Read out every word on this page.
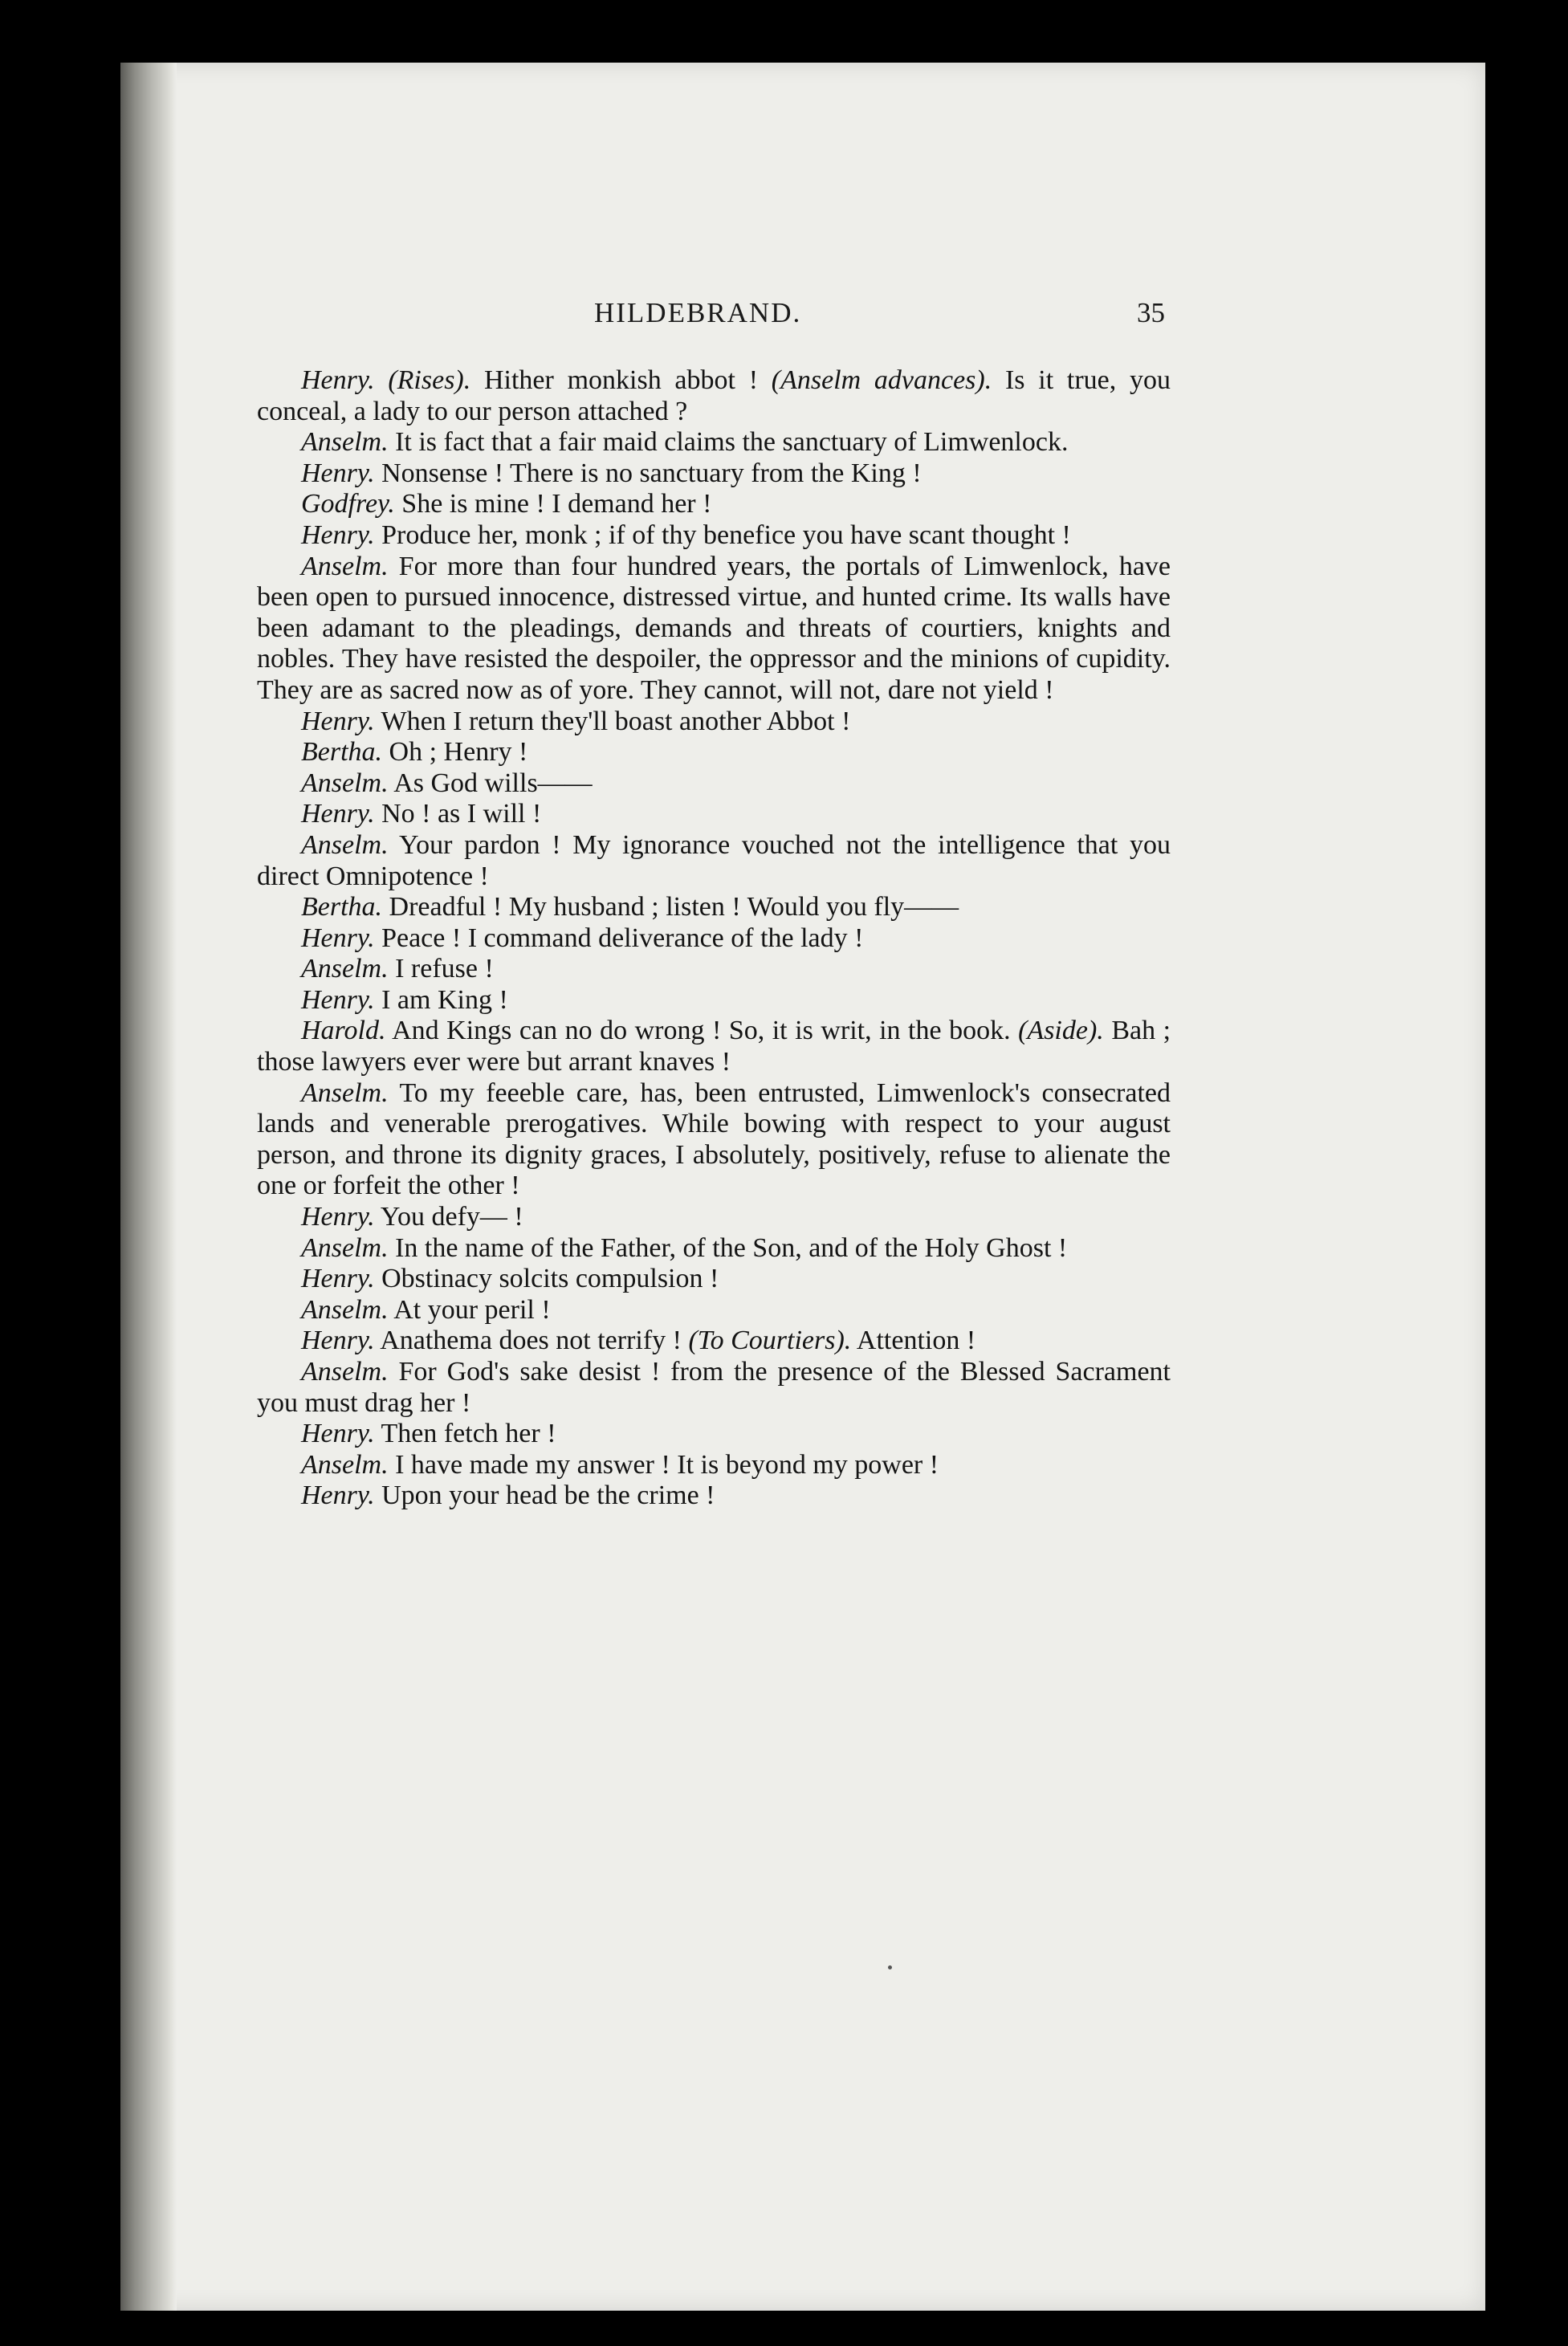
HILDEBRAND.	35

Henry. (Rises). Hither monkish abbot ! (Anselm advances). Is it true, you conceal, a lady to our person attached ?

Anselm. It is fact that a fair maid claims the sanctuary of Limwenlock.

Henry. Nonsense ! There is no sanctuary from the King !

Godfrey. She is mine ! I demand her !

Henry. Produce her, monk ; if of thy benefice you have scant thought !

Anselm. For more than four hundred years, the portals of Limwenlock, have been open to pursued innocence, distressed virtue, and hunted crime. Its walls have been adamant to the pleadings, demands and threats of courtiers, knights and nobles. They have resisted the despoiler, the oppressor and the minions of cupidity. They are as sacred now as of yore. They cannot, will not, dare not yield !

Henry. When I return they'll boast another Abbot !

Bertha. Oh ; Henry !

Anselm. As God wills——

Henry. No ! as I will !

Anselm. Your pardon ! My ignorance vouched not the intelligence that you direct Omnipotence !

Bertha. Dreadful ! My husband ; listen ! Would you fly——

Henry. Peace ! I command deliverance of the lady !

Anselm. I refuse !

Henry. I am King !

Harold. And Kings can no do wrong ! So, it is writ, in the book. (Aside). Bah ; those lawyers ever were but arrant knaves !

Anselm. To my feeeble care, has, been entrusted, Limwenlock's consecrated lands and venerable prerogatives. While bowing with respect to your august person, and throne its dignity graces, I absolutely, positively, refuse to alienate the one or forfeit the other !

Henry. You defy— !

Anselm. In the name of the Father, of the Son, and of the Holy Ghost !

Henry. Obstinacy solcits compulsion !

Anselm. At your peril !

Henry. Anathema does not terrify ! (To Courtiers). Attention !

Anselm. For God's sake desist ! from the presence of the Blessed Sacrament you must drag her !

Henry. Then fetch her !

Anselm. I have made my answer ! It is beyond my power !

Henry. Upon your head be the crime !
